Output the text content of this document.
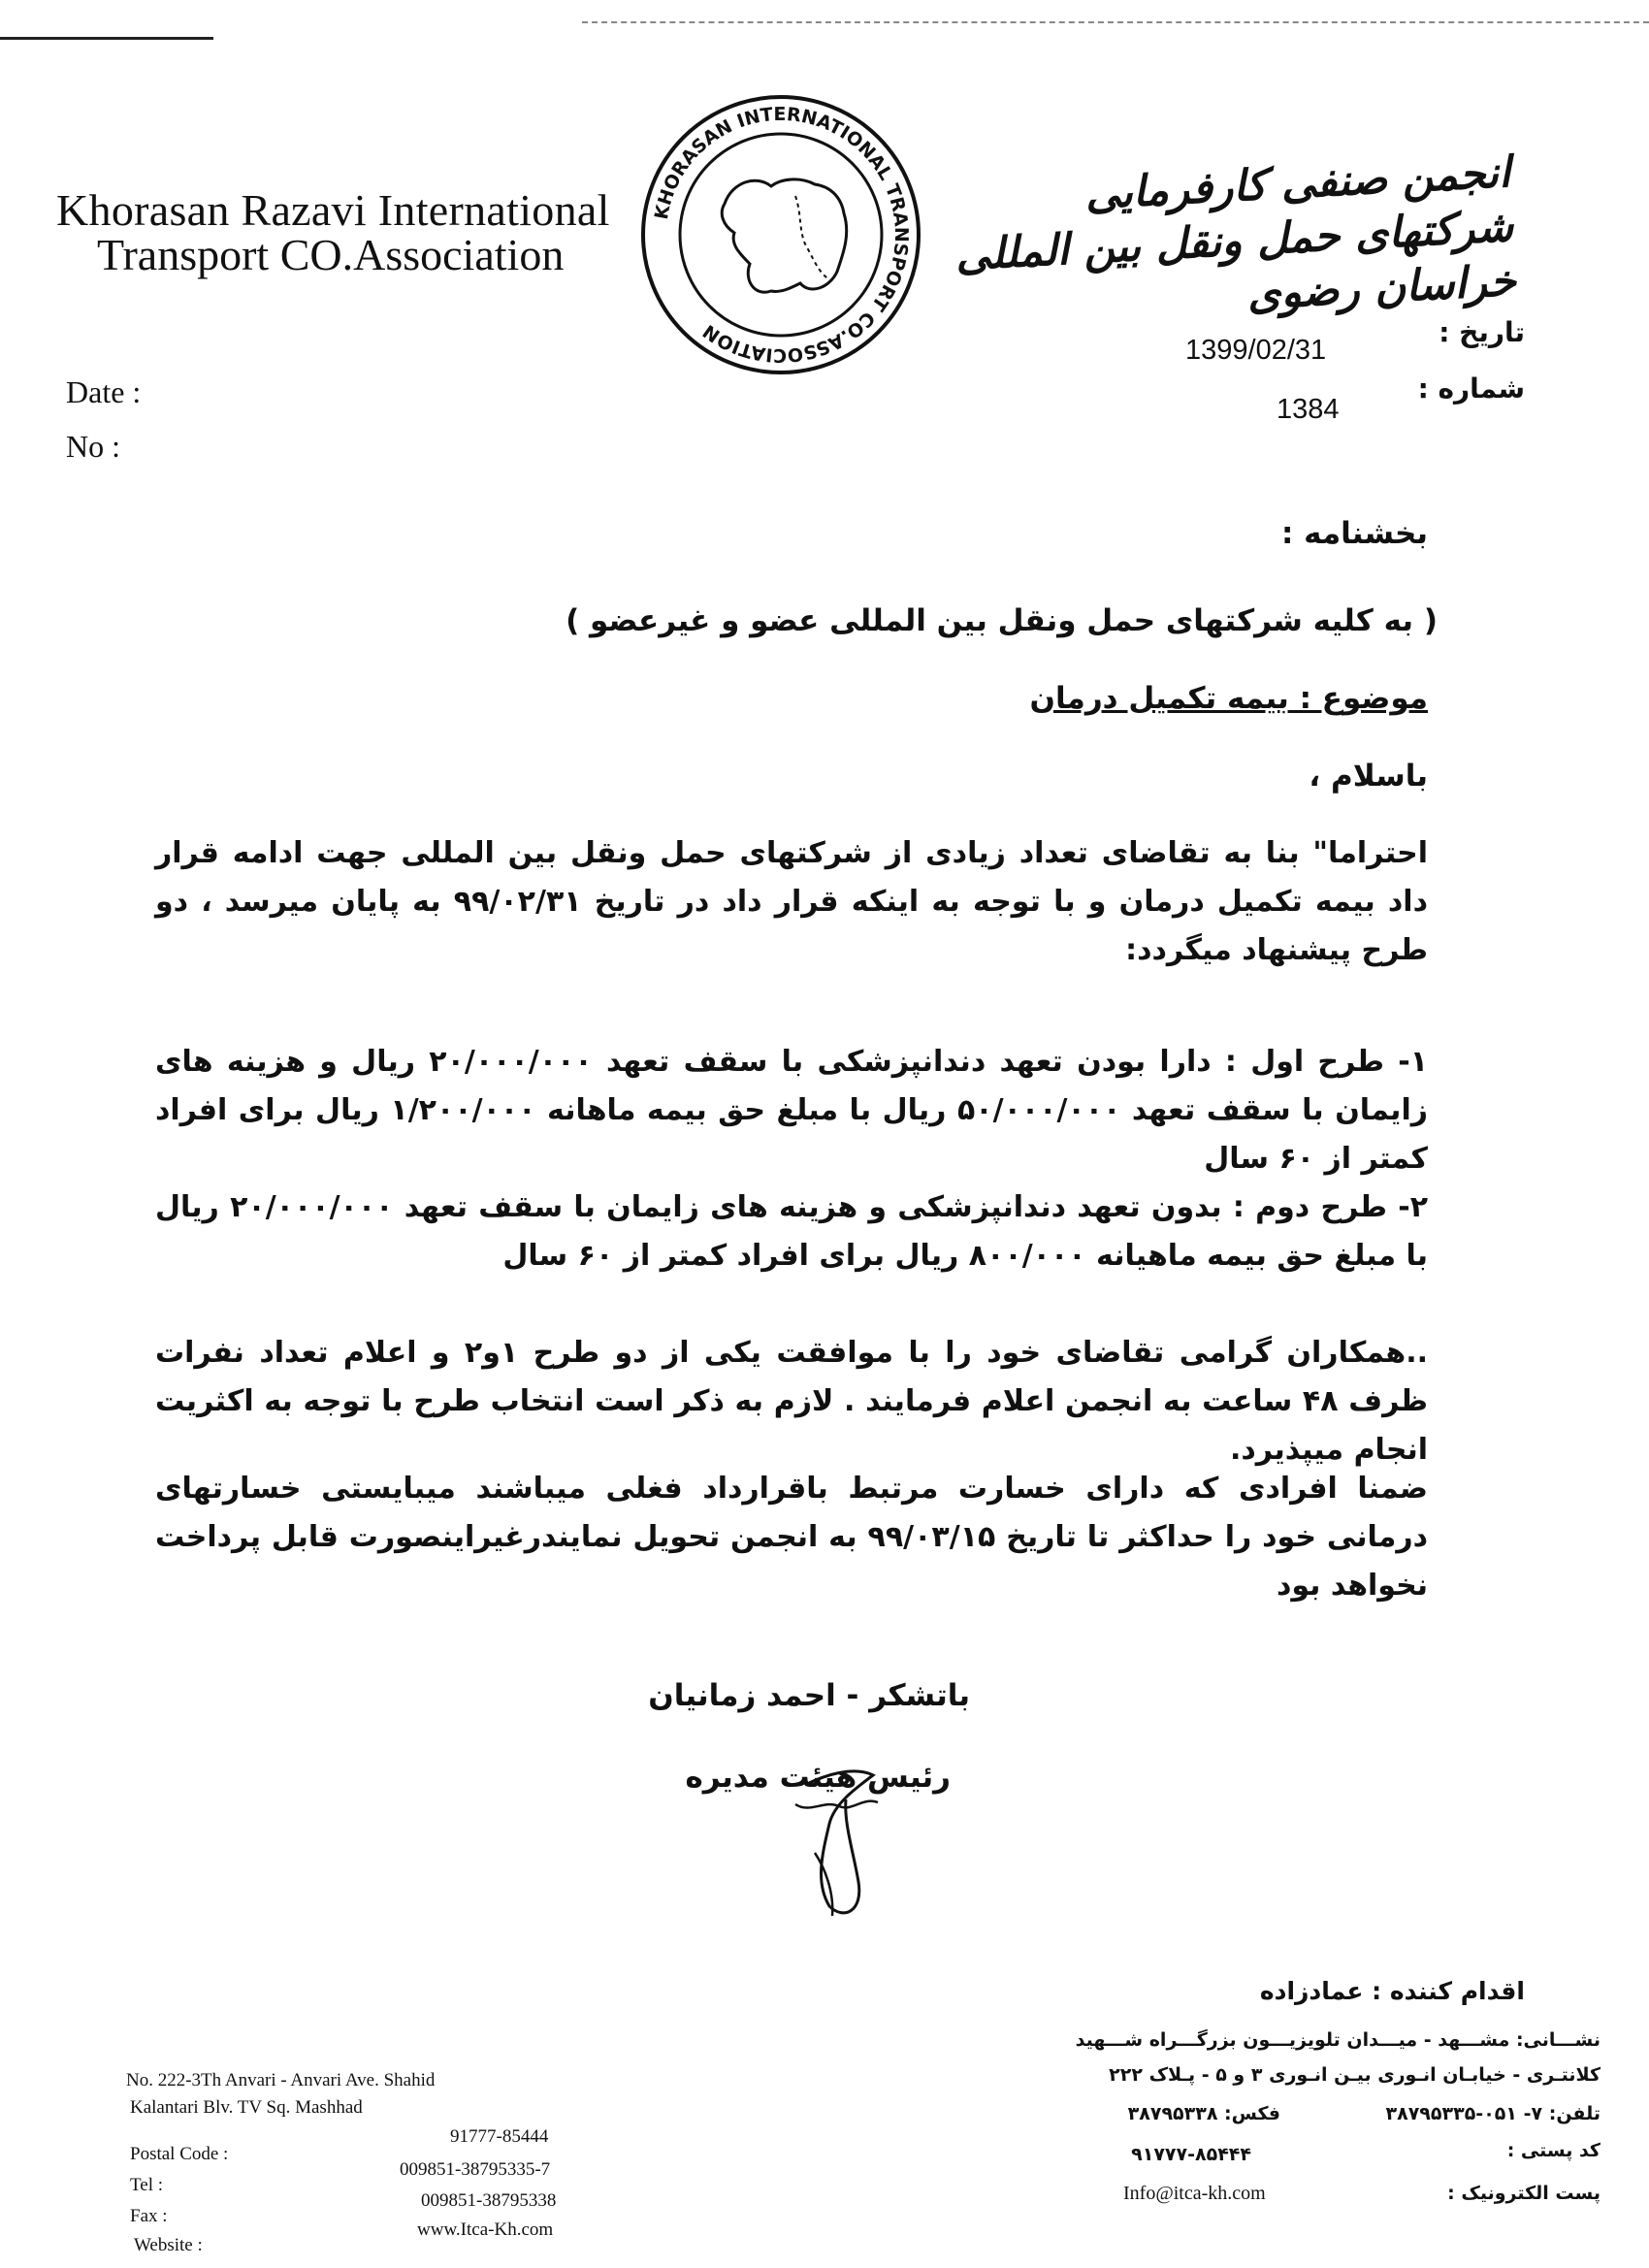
Khorasan Razavi International
Transport CO.Association
KHORASAN INTERNATIONAL TRANSPORT CO.ASSOCIATION
انجمن صنفی کارفرمایی شرکتهای حمل ونقل بین المللی خراسان رضوی
Date :
No :
تاریخ :
شماره :
1399/02/31
1384
بخشنامه :
( به کلیه شرکتهای حمل ونقل بین المللی عضو و غیرعضو )
موضوع : بیمه تکمیل درمان
باسلام ،
احتراما" بنا به تقاضای تعداد زیادی از شرکتهای حمل ونقل بین المللی جهت ادامه قرار داد بیمه تکمیل درمان و با توجه به اینکه قرار داد در تاریخ ۹۹/۰۲/۳۱ به پایان میرسد ، دو طرح پیشنهاد میگردد:
۱- طرح اول : دارا بودن تعهد دندانپزشکی با سقف تعهد ۲۰/۰۰۰/۰۰۰ ریال و هزینه های زایمان با سقف تعهد ۵۰/۰۰۰/۰۰۰ ریال با مبلغ حق بیمه ماهانه ۱/۲۰۰/۰۰۰ ریال برای افراد کمتر از ۶۰ سال
۲- طرح دوم : بدون تعهد دندانپزشکی و هزینه های زایمان با سقف تعهد ۲۰/۰۰۰/۰۰۰ ریال با مبلغ حق بیمه ماهیانه ۸۰۰/۰۰۰ ریال برای افراد کمتر از ۶۰ سال
..همکاران گرامی تقاضای خود را با موافقت یکی از دو طرح ۱و۲ و اعلام تعداد نفرات ظرف ۴۸ ساعت به انجمن اعلام فرمایند . لازم به ذکر است انتخاب طرح با توجه به اکثریت انجام میپذیرد.
ضمنا افرادی که دارای خسارت مرتبط باقرارداد فغلی میباشند میبایستی خسارتهای درمانی خود را حداکثر تا تاریخ ۹۹/۰۳/۱۵ به انجمن تحویل نمایندرغیراینصورت قابل پرداخت نخواهد بود
باتشکر - احمد زمانیان
رئیس هیئت مدیره
اقدام کننده : عمادزاده
No. 222-3Th Anvari - Anvari Ave. Shahid
Kalantari Blv. TV Sq. Mashhad
Postal Code :
91777-85444
Tel :
009851-38795335-7
Fax :
009851-38795338
Website :
www.Itca-Kh.com
نشـــانی: مشـــهد - میـــدان تلویزیـــون بزرگـــراه شـــهید
کلانتـری - خیابـان انـوری بیـن انـوری ۳ و ۵ - پـلاک ۲۲۲
تلفن: ۷- ۰۵۱-۳۸۷۹۵۳۳۵
فکس: ۳۸۷۹۵۳۳۸
کد پستی :
۹۱۷۷۷-۸۵۴۴۴
پست الکترونیک :
Info@itca-kh.com
